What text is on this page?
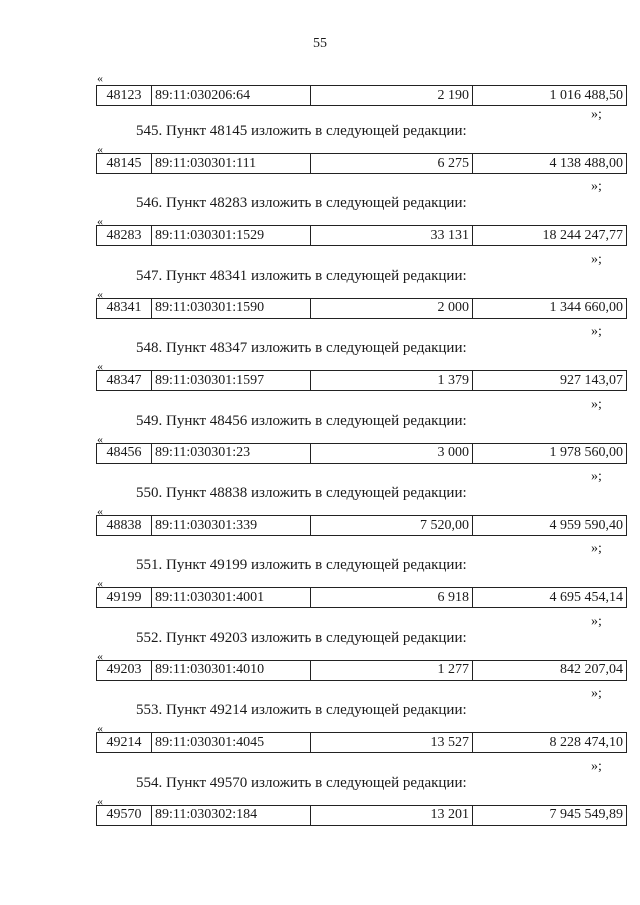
55
«
48123	89:11:030206:64	2 190	1 016 488,50
»;
545. Пункт 48145 изложить в следующей редакции:
«
48145	89:11:030301:111	6 275	4 138 488,00
»;
546. Пункт 48283 изложить в следующей редакции:
«
48283	89:11:030301:1529	33 131	18 244 247,77
»;
547. Пункт 48341 изложить в следующей редакции:
«
48341	89:11:030301:1590	2 000	1 344 660,00
»;
548. Пункт 48347 изложить в следующей редакции:
«
48347	89:11:030301:1597	1 379	927 143,07
»;
549. Пункт 48456 изложить в следующей редакции:
«
48456	89:11:030301:23	3 000	1 978 560,00
»;
550. Пункт 48838 изложить в следующей редакции:
«
48838	89:11:030301:339	7 520,00	4 959 590,40
»;
551. Пункт 49199 изложить в следующей редакции:
«
49199	89:11:030301:4001	6 918	4 695 454,14
»;
552. Пункт 49203 изложить в следующей редакции:
«
49203	89:11:030301:4010	1 277	842 207,04
»;
553. Пункт 49214 изложить в следующей редакции:
«
49214	89:11:030301:4045	13 527	8 228 474,10
»;
554. Пункт 49570 изложить в следующей редакции:
«
49570	89:11:030302:184	13 201	7 945 549,89
